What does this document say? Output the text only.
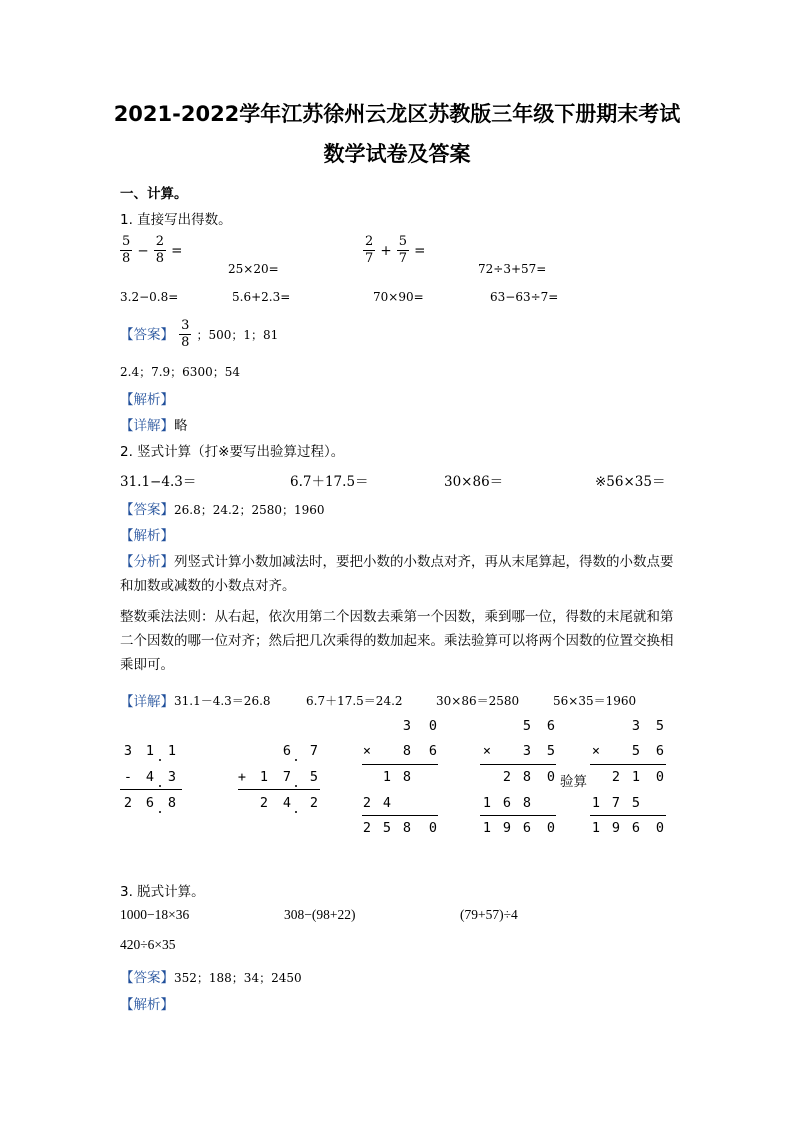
2021-2022学年江苏徐州云龙区苏教版三年级下册期末考试
数学试卷及答案
一、计算。
1. 直接写出得数。
$\frac{5}{8} - \frac{2}{8}$ =
25×20=
$\frac{2}{7} + \frac{5}{7}$ =
72÷3+57=
3.2−0.8=	5.6+2.3=	70×90=	63−63÷7=
【答案】 $\frac{3}{8}$ ；500；1；81
2.4；7.9；6300；54
【解析】
【详解】略
2. 竖式计算（打※要写出验算过程）。
31.1−4.3＝	6.7＋17.5＝	30×86＝	※56×35＝
【答案】26.8；24.2；2580；1960
【解析】
【分析】列竖式计算小数加减法时，要把小数的小数点对齐，再从末尾算起，得数的小数点要和加数或减数的小数点对齐。
整数乘法法则：从右起，依次用第二个因数去乘第一个因数，乘到哪一位，得数的末尾就和第二个因数的哪一位对齐；然后把几次乘得的数加起来。乘法验算可以将两个因数的位置交换相乘即可。
【详解】 31.1－4.3＝26.8	6.7＋17.5＝24.2	30×86＝2580	56×35＝1960
3	1	1
-	4	3
2	6	8
6	7
+	1	7	5
2	4	2
3	0
×	8	6
1 8
2 4
2 5 8	0
5	6
×	3	5
2 8	0
1 6 8
1 9 6	0
验算
3	5
×	5	6
2 1	0
1 7 5
1 9 6	0
3. 脱式计算。
1000−18×36	308−(98+22)	(79+57)÷4
420÷6×35
【答案】352；188；34；2450
【解析】
